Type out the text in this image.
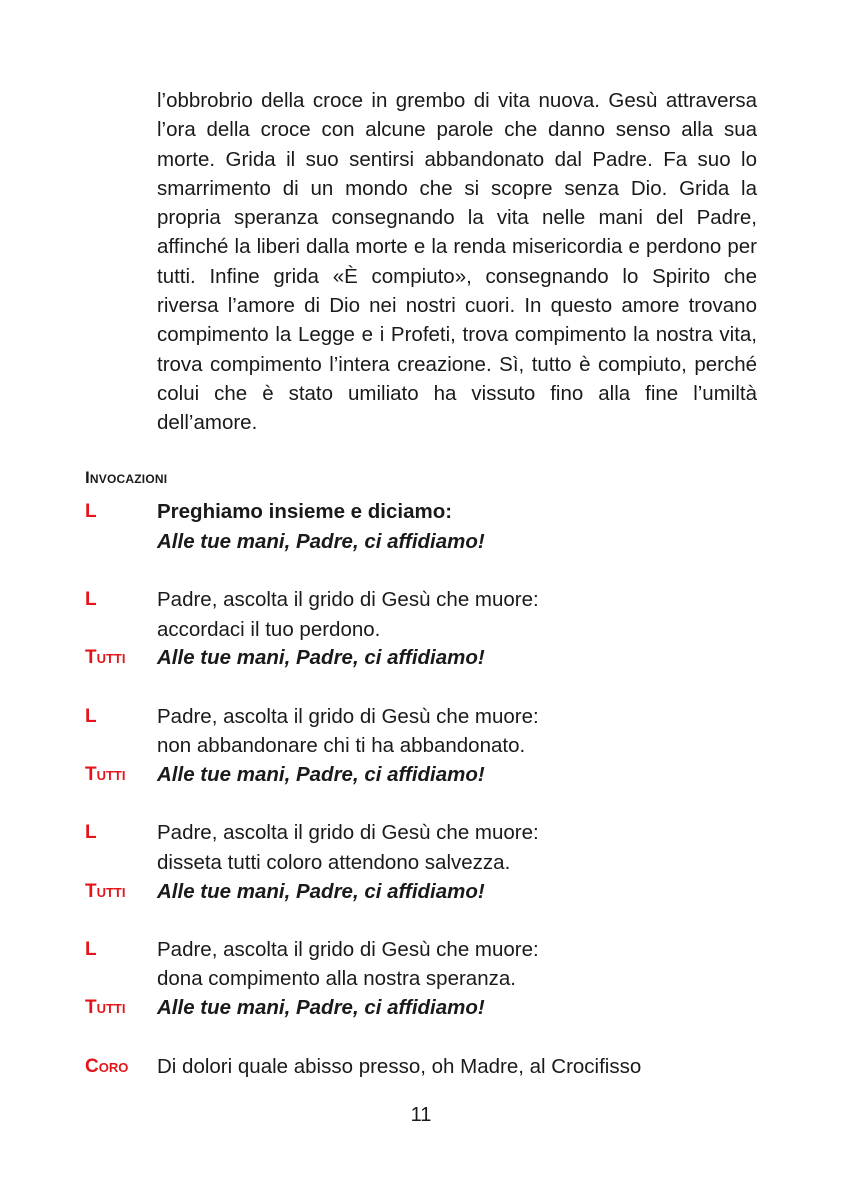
l’obbrobrio della croce in grembo di vita nuova. Gesù attraversa l’ora della croce con alcune parole che danno senso alla sua morte. Grida il suo sentirsi abbandonato dal Padre. Fa suo lo smarrimento di un mondo che si scopre senza Dio. Grida la propria speranza consegnando la vita nelle mani del Padre, affinché la liberi dalla morte e la renda misericordia e perdono per tutti. Infine grida «È compiuto», consegnando lo Spirito che riversa l’amore di Dio nei nostri cuori. In questo amore trovano compimento la Legge e i Profeti, trova compimento la nostra vita, trova compimento l’intera creazione. Sì, tutto è compiuto, perché colui che è stato umiliato ha vissuto fino alla fine l’umiltà dell’amore.

Invocazioni
L	Preghiamo insieme e diciamo:
Alle tue mani, Padre, ci affidiamo!
L	Padre, ascolta il grido di Gesù che muore:
accordaci il tuo perdono.
Tutti Alle tue mani, Padre, ci affidiamo!
L	Padre, ascolta il grido di Gesù che muore:
non abbandonare chi ti ha abbandonato.
Tutti Alle tue mani, Padre, ci affidiamo!
L	Padre, ascolta il grido di Gesù che muore:
disseta tutti coloro attendono salvezza.
Tutti Alle tue mani, Padre, ci affidiamo!
L	Padre, ascolta il grido di Gesù che muore:
dona compimento alla nostra speranza.
Tutti Alle tue mani, Padre, ci affidiamo!
Coro Di dolori quale abisso presso, oh Madre, al Crocifisso
11
